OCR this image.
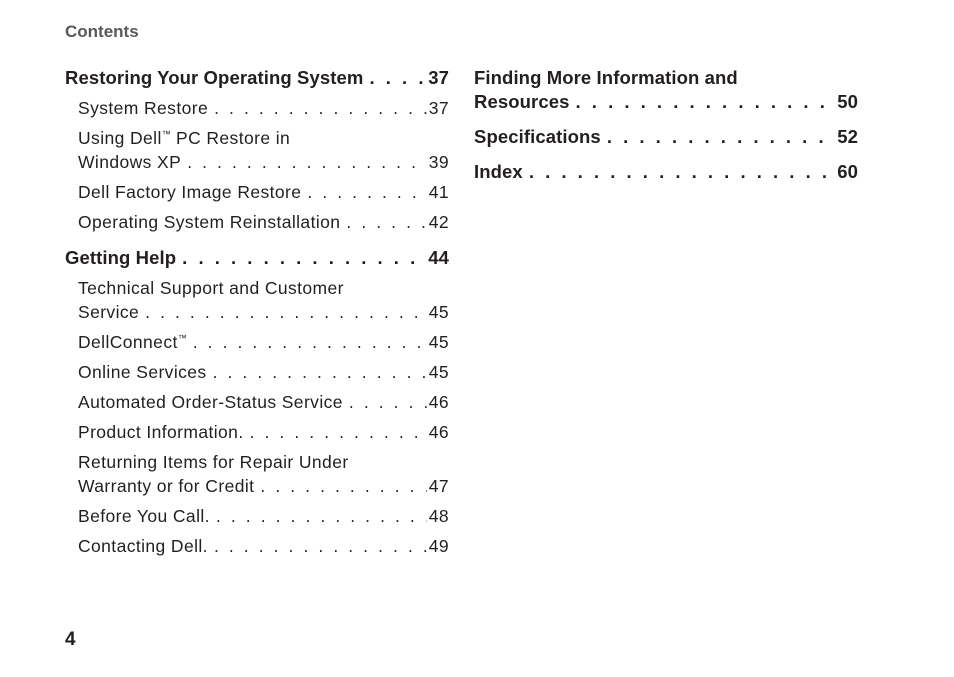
Contents
Restoring Your Operating System . . .	37
System Restore . . .	37
Using Dell™ PC Restore in
Windows XP . . .	39
Dell Factory Image Restore . . .	41
Operating System Reinstallation . . .	42
Getting Help . . .	44
Technical Support and Customer
Service . . .	45
DellConnect™ . . .	45
Online Services . . .	45
Automated Order-Status Service . . .	46
Product Information. . . .	46
Returning Items for Repair Under
Warranty or for Credit . . .	47
Before You Call. . . .	48
Contacting Dell. . . .	49
Finding More Information and
Resources . . .	50
Specifications . . .	52
Index . . .	60
4
